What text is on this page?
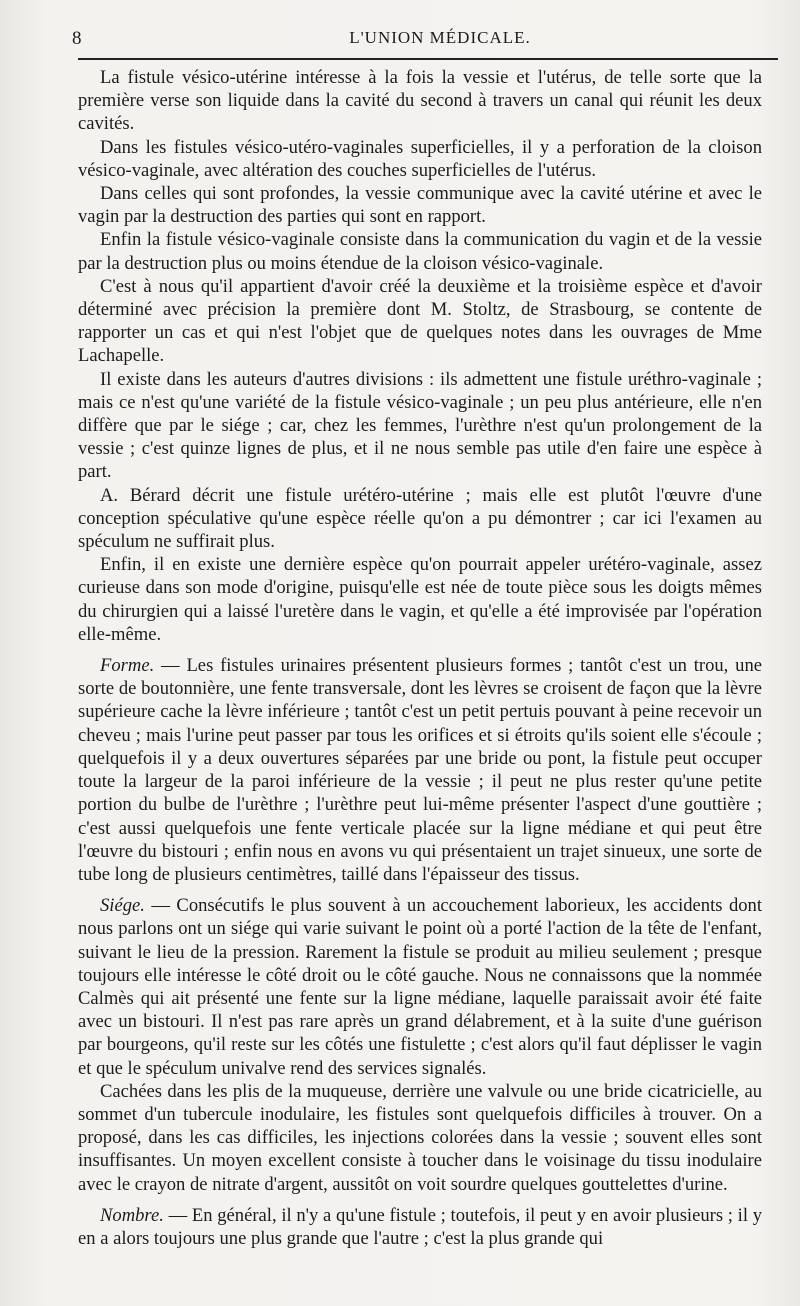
8	L'UNION MÉDICALE.

La fistule vésico-utérine intéresse à la fois la vessie et l'utérus, de telle sorte que la première verse son liquide dans la cavité du second à travers un canal qui réunit les deux cavités.

Dans les fistules vésico-utéro-vaginales superficielles, il y a perforation de la cloison vésico-vaginale, avec altération des couches superficielles de l'utérus.

Dans celles qui sont profondes, la vessie communique avec la cavité utérine et avec le vagin par la destruction des parties qui sont en rapport.

Enfin la fistule vésico-vaginale consiste dans la communication du vagin et de la vessie par la destruction plus ou moins étendue de la cloison vésico-vaginale.

C'est à nous qu'il appartient d'avoir créé la deuxième et la troisième espèce et d'avoir déterminé avec précision la première dont M. Stoltz, de Strasbourg, se contente de rapporter un cas et qui n'est l'objet que de quelques notes dans les ouvrages de Mme Lachapelle.

Il existe dans les auteurs d'autres divisions : ils admettent une fistule uréthro-vaginale ; mais ce n'est qu'une variété de la fistule vésico-vaginale ; un peu plus antérieure, elle n'en diffère que par le siége ; car, chez les femmes, l'urèthre n'est qu'un prolongement de la vessie ; c'est quinze lignes de plus, et il ne nous semble pas utile d'en faire une espèce à part.

A. Bérard décrit une fistule urétéro-utérine ; mais elle est plutôt l'œuvre d'une conception spéculative qu'une espèce réelle qu'on a pu démontrer ; car ici l'examen au spéculum ne suffirait plus.

Enfin, il en existe une dernière espèce qu'on pourrait appeler urétéro-vaginale, assez curieuse dans son mode d'origine, puisqu'elle est née de toute pièce sous les doigts mêmes du chirurgien qui a laissé l'uretère dans le vagin, et qu'elle a été improvisée par l'opération elle-même.

Forme. — Les fistules urinaires présentent plusieurs formes ; tantôt c'est un trou, une sorte de boutonnière, une fente transversale, dont les lèvres se croisent de façon que la lèvre supérieure cache la lèvre inférieure ; tantôt c'est un petit pertuis pouvant à peine recevoir un cheveu ; mais l'urine peut passer par tous les orifices et si étroits qu'ils soient elle s'écoule ; quelquefois il y a deux ouvertures séparées par une bride ou pont, la fistule peut occuper toute la largeur de la paroi inférieure de la vessie ; il peut ne plus rester qu'une petite portion du bulbe de l'urèthre ; l'urèthre peut lui-même présenter l'aspect d'une gouttière ; c'est aussi quelquefois une fente verticale placée sur la ligne médiane et qui peut être l'œuvre du bistouri ; enfin nous en avons vu qui présentaient un trajet sinueux, une sorte de tube long de plusieurs centimètres, taillé dans l'épaisseur des tissus.

Siége. — Consécutifs le plus souvent à un accouchement laborieux, les accidents dont nous parlons ont un siége qui varie suivant le point où a porté l'action de la tête de l'enfant, suivant le lieu de la pression. Rarement la fistule se produit au milieu seulement ; presque toujours elle intéresse le côté droit ou le côté gauche. Nous ne connaissons que la nommée Calmès qui ait présenté une fente sur la ligne médiane, laquelle paraissait avoir été faite avec un bistouri. Il n'est pas rare après un grand délabrement, et à la suite d'une guérison par bourgeons, qu'il reste sur les côtés une fistulette ; c'est alors qu'il faut déplisser le vagin et que le spéculum univalve rend des services signalés.

Cachées dans les plis de la muqueuse, derrière une valvule ou une bride cicatricielle, au sommet d'un tubercule inodulaire, les fistules sont quelquefois difficiles à trouver. On a proposé, dans les cas difficiles, les injections colorées dans la vessie ; souvent elles sont insuffisantes. Un moyen excellent consiste à toucher dans le voisinage du tissu inodulaire avec le crayon de nitrate d'argent, aussitôt on voit sourdre quelques gouttelettes d'urine.

Nombre. — En général, il n'y a qu'une fistule ; toutefois, il peut y en avoir plusieurs ; il y en a alors toujours une plus grande que l'autre ; c'est la plus grande qui
